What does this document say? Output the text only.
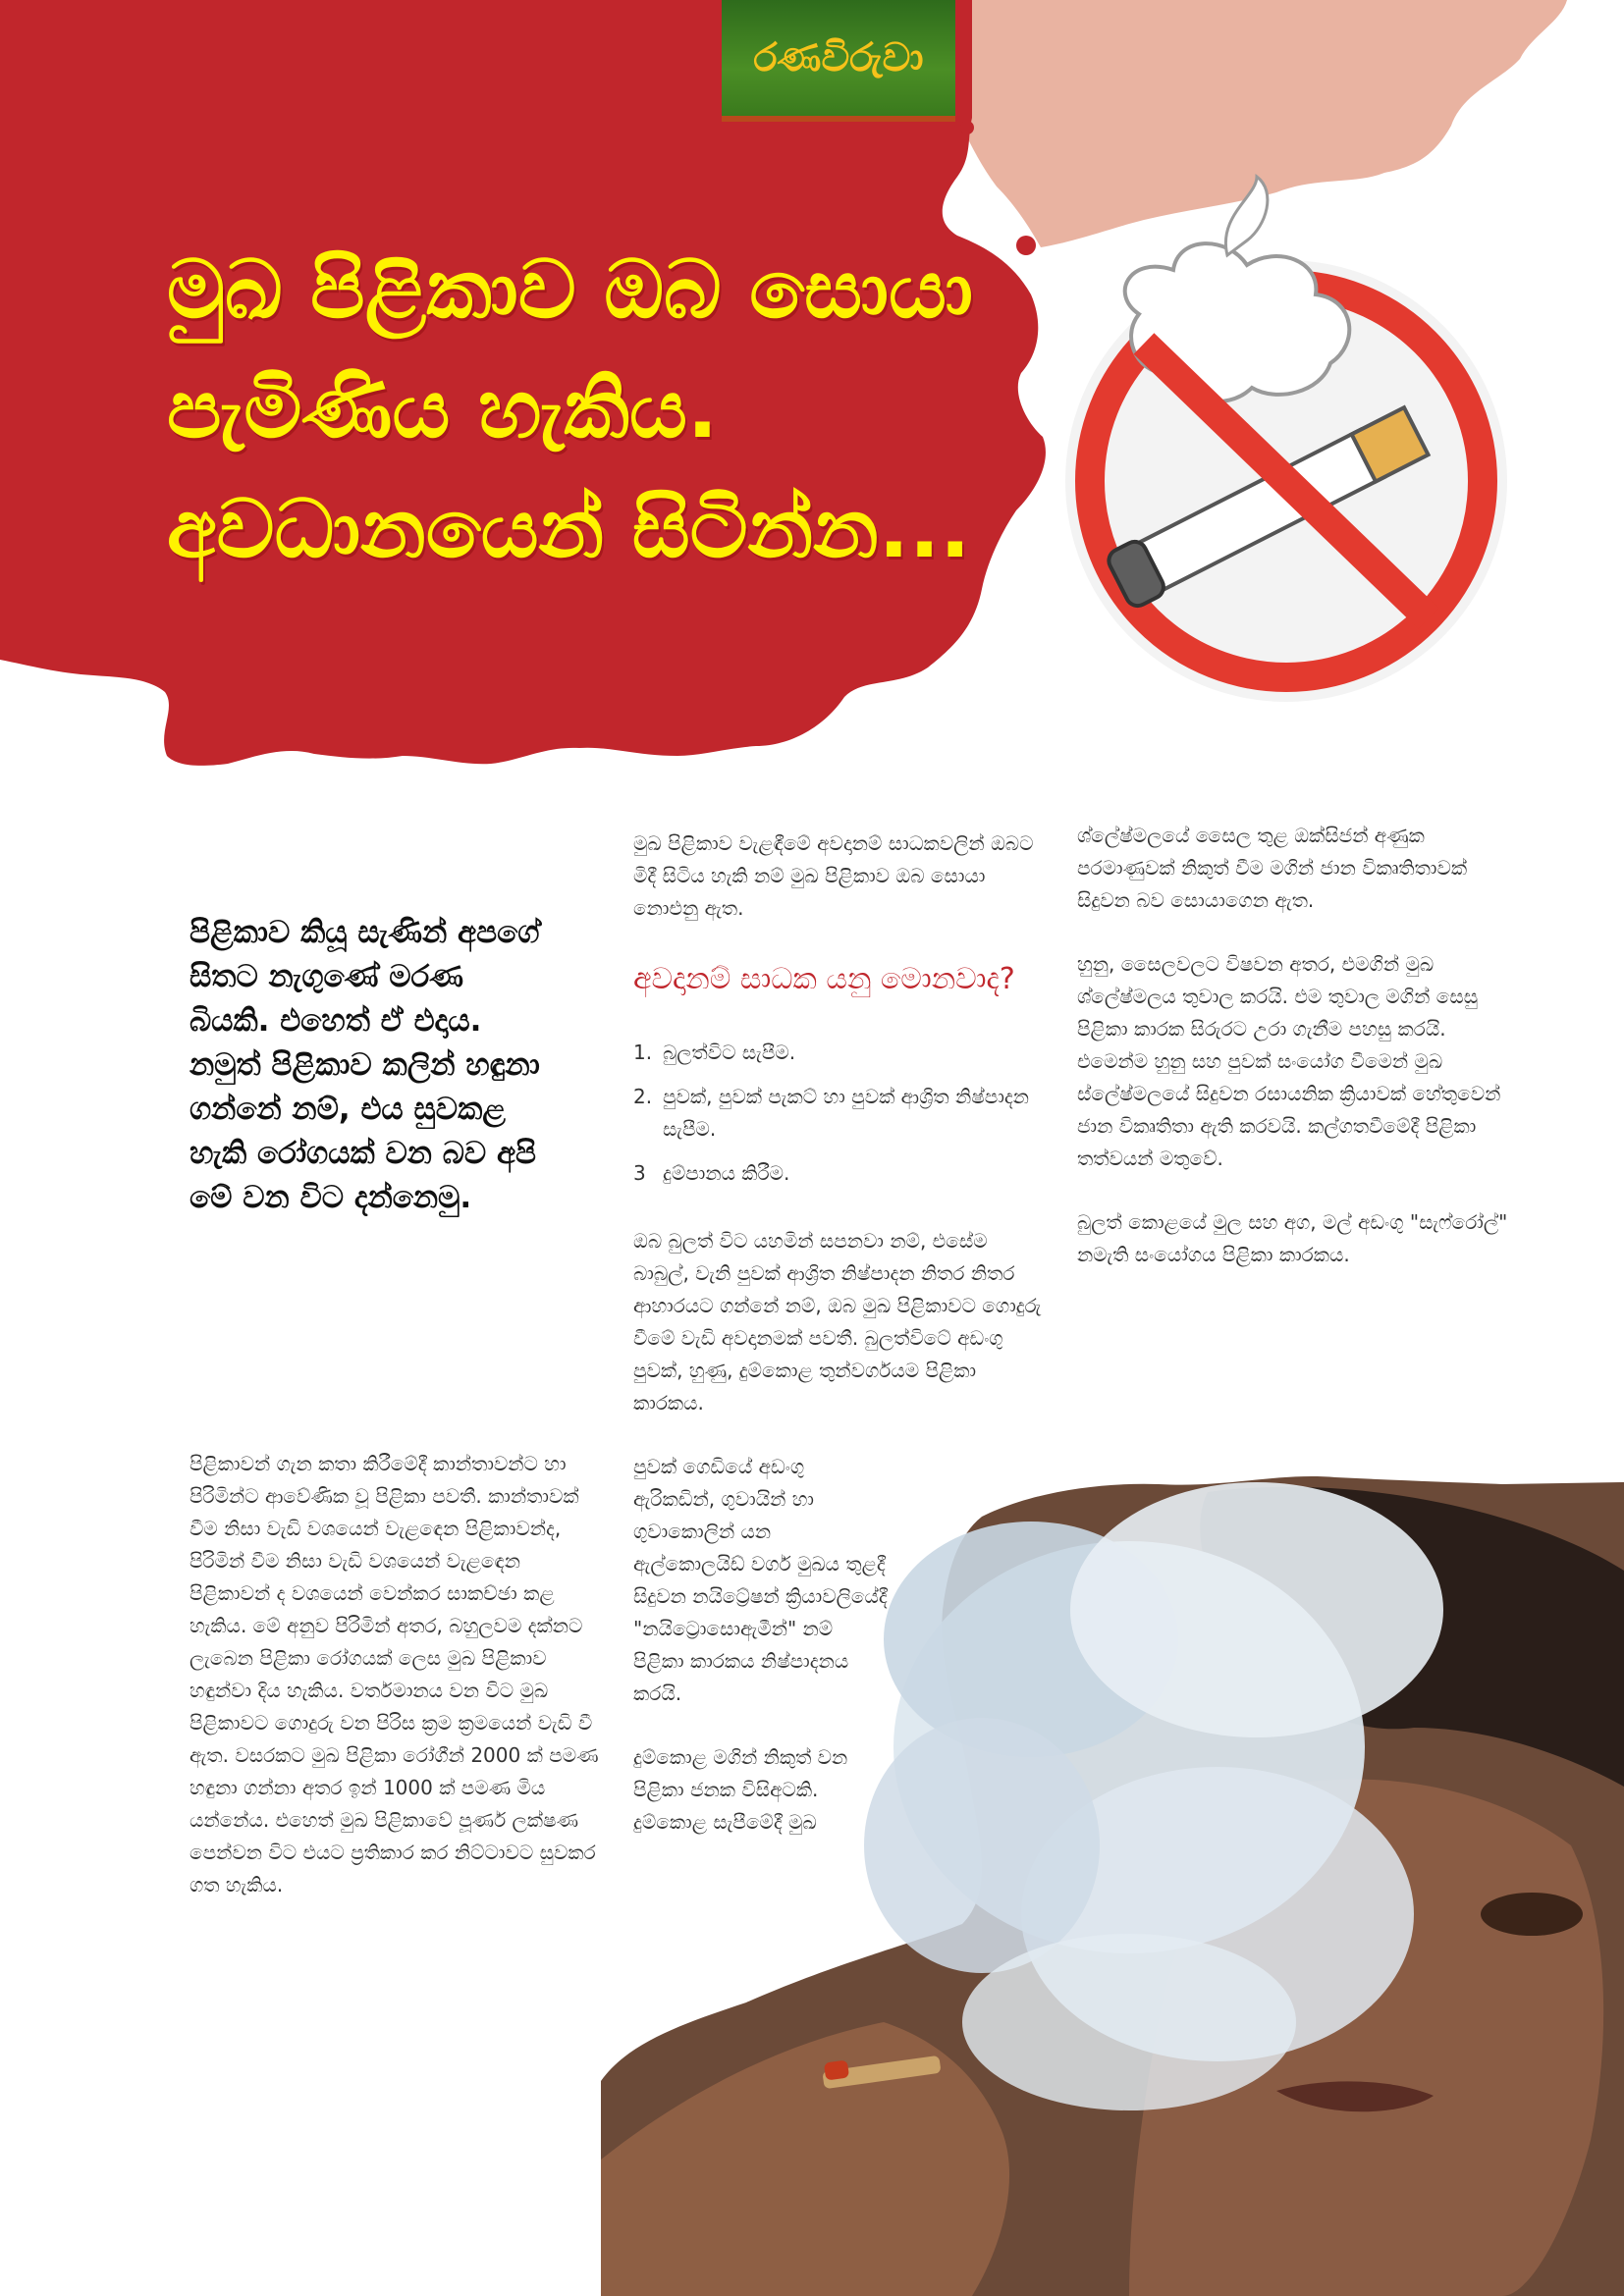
රණවිරුවා
මුඛ පිළිකාව ඔබ සොයා
පැමිණිය හැකිය.
අවධානයෙන් සිටින්න...
පිළිකාව කියූ සැණින් අපගේ සිතට නැගුණේ මරණ බියකි. එහෙත් ඒ එදාය. නමුත් පිළිකාව කලින් හඳුනා ගන්නේ නම්, එය සුවකළ හැකි රෝගයක් වන බව අපි මේ වන විට දන්නෙමු.

පිළිකාවන් ගැන කතා කිරීමේදී කාන්තාවන්ට හා පිරිමින්ට ආවේණික වූ පිළිකා පවතී. කාන්තාවක් වීම නිසා වැඩි වශයෙන් වැළඳෙන පිළිකාවන්ද, පිරිමින් වීම නිසා වැඩි වශයෙන් වැළඳෙන පිළිකාවන් ද වශයෙන් වෙන්කර සාකච්ඡා කළ හැකිය. මේ අනුව පිරිමින් අතර, බහුලවම දක්නට ලැබෙන පිළිකා රෝගයක් ලෙස මුඛ පිළිකාව හඳුන්වා දිය හැකිය. වර්තමානය වන විට මුඛ පිළිකාවට ගොදුරු වන පිරිස ක්‍රම ක්‍රමයෙන් වැඩි වී ඇත. වසරකට මුඛ පිළිකා රෝගීන් 2000 ක් පමණ හඳුනා ගන්නා අතර ඉන් 1000 ක් පමණ මිය යන්නේය. එහෙත් මුඛ පිළිකාවේ පූර්ණ ලක්ෂණ පෙන්වන විට එයට ප්‍රතිකාර කර නිට්ටාවට සුවකර ගත හැකිය.

මුඛ පිළිකාව වැළඳීමේ අවදානම් සාධකවලින් ඔබට මිදී සිටිය හැකි නම් මුඛ පිළිකාව ඔබ සොයා නොඑනු ඇත.

අවදානම් සාධක යනු මොනවාද?
1. බුලත්විට සැපීම.
2. පුවක්, පුවක් පැකට් හා පුවක් ආශ්‍රිත නිෂ්පාදන සැපීම.
3 දුම්පානය කිරීම.

ඔබ බුලත් විට යහමින් සපනවා නම්, එසේම බාබුල්, වැනි පුවක් ආශ්‍රිත නිෂ්පාදන නිතර නිතර ආහාරයට ගන්නේ නම්, ඔබ මුඛ පිළිකාවට ගොදුරු වීමේ වැඩි අවදානමක් පවතී. බුලත්විටේ අඩංගු පුවක්, හුණු, දුම්කොළ තුන්වර්ගයම පිළිකා කාරකය.

පුවක් ගෙඩියේ අඩංගු ඇරිකඩින්, ගුවායින් හා ගුවාකොලින් යන ඇල්කොලයිඩ් වර්ග මුඛය තුළදී සිදුවන නයිට්‍රේෂන් ක්‍රියාවලියේදී "නයිට්‍රොසොඇමීන්" නම් පිළිකා කාරකය නිෂ්පාදනය කරයි.

දුම්කොළ මගින් නිකුත් වන පිළිකා ජනක විසිඅටකි. දුම්කොළ සැපීමේදී මුඛ

ශ්ලේෂ්මලයේ සෛල තුළ ඔක්සිජන් අණුක පරමාණුවක් නිකුත් වීම මගින් ජාන විකෘතිතාවක් සිදුවන බව සොයාගෙන ඇත.

හුනු, සෛලවලට විෂවන අතර, එමගින් මුඛ ශ්ලේෂ්මලය තුවාල කරයි. එම තුවාල මගින් සෙසු පිළිකා කාරක සිරුරට උරා ගැනීම පහසු කරයි. එමෙන්ම හුනු සහ පුවක් සංයෝග වීමෙන් මුඛ ස්ලේෂ්මලයේ සිදුවන රසායනික ක්‍රියාවක් හේතුවෙන් ජාන විකෘතිතා ඇති කරවයි. කල්ගතවීමේදී පිළිකා තත්වයන් මතුවේ.

බුලත් කොළයේ මුල සහ අග, මල් අඩංගු "සැෆ්රෝල්" නමැති සංයෝගය පිළිකා කාරකය.
